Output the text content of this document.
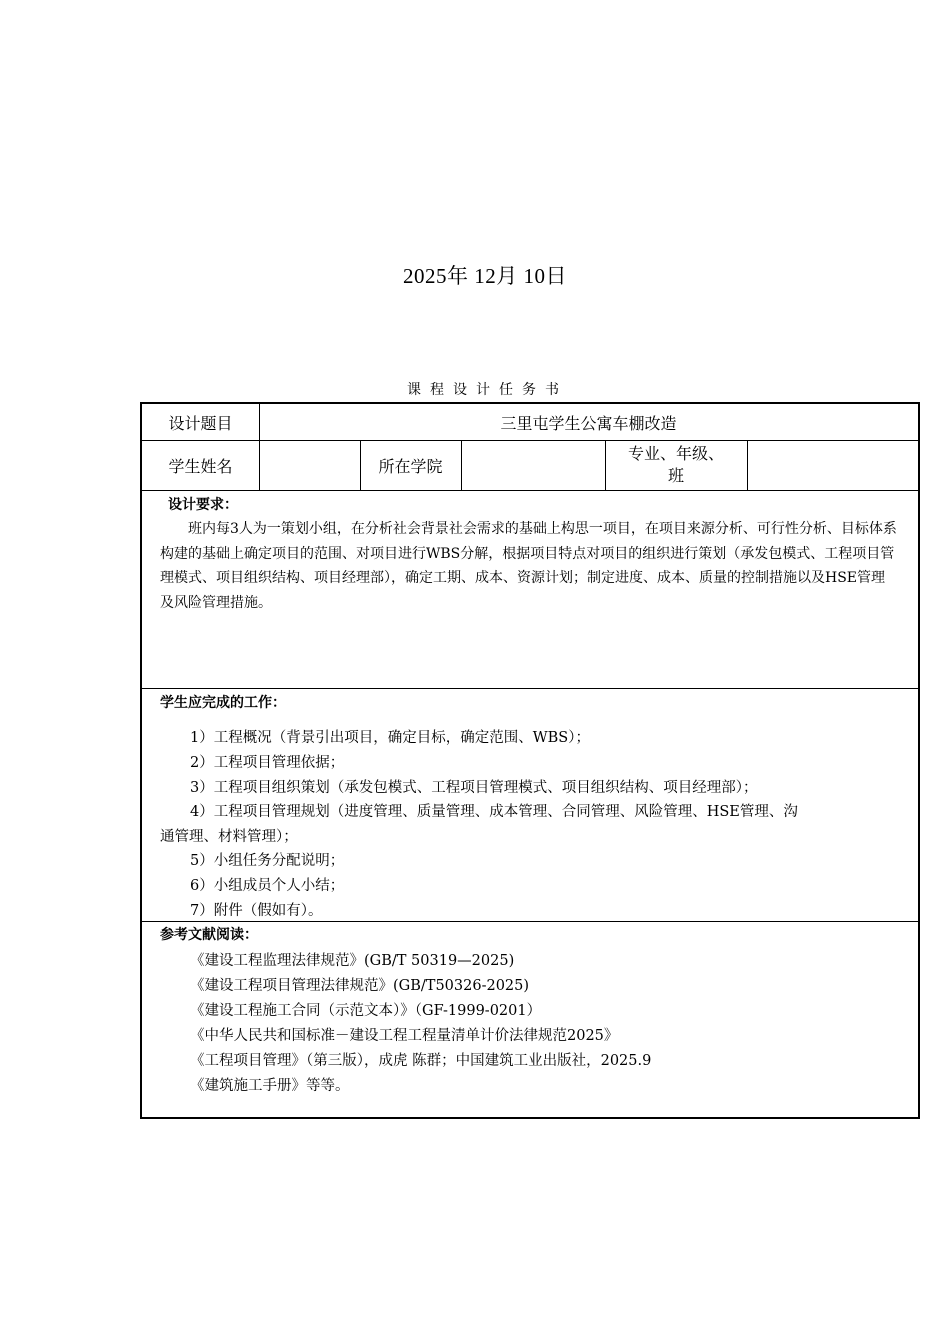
2025年 12月 10日
课程设计任务书
设计题目	三里屯学生公寓车棚改造
学生姓名	所在学院
专业、年级、班
设计要求：
班内每3人为一策划小组，在分析社会背景社会需求的基础上构思一项目，在项目来源分析、可行性分析、目标体系构建的基础上确定项目的范围、对项目进行WBS分解，根据项目特点对项目的组织进行策划（承发包模式、工程项目管理模式、项目组织结构、项目经理部），确定工期、成本、资源计划；制定进度、成本、质量的控制措施以及HSE管理及风险管理措施。
学生应完成的工作：
1）工程概况（背景引出项目，确定目标，确定范围、WBS）；
2）工程项目管理依据；
3）工程项目组织策划（承发包模式、工程项目管理模式、项目组织结构、项目经理部）；
4）工程项目管理规划（进度管理、质量管理、成本管理、合同管理、风险管理、HSE管理、沟
通管理、材料管理）；
5）小组任务分配说明；
6）小组成员个人小结；
7）附件（假如有）。
参考文献阅读：
《建设工程监理法律规范》(GB/T 50319—2025)
《建设工程项目管理法律规范》(GB/T50326-2025)
《建设工程施工合同（示范文本）》（GF-1999-0201）
《中华人民共和国标准－建设工程工程量清单计价法律规范2025》
《工程项目管理》（第三版），成虎 陈群；中国建筑工业出版社，2025.9
《建筑施工手册》等等。
